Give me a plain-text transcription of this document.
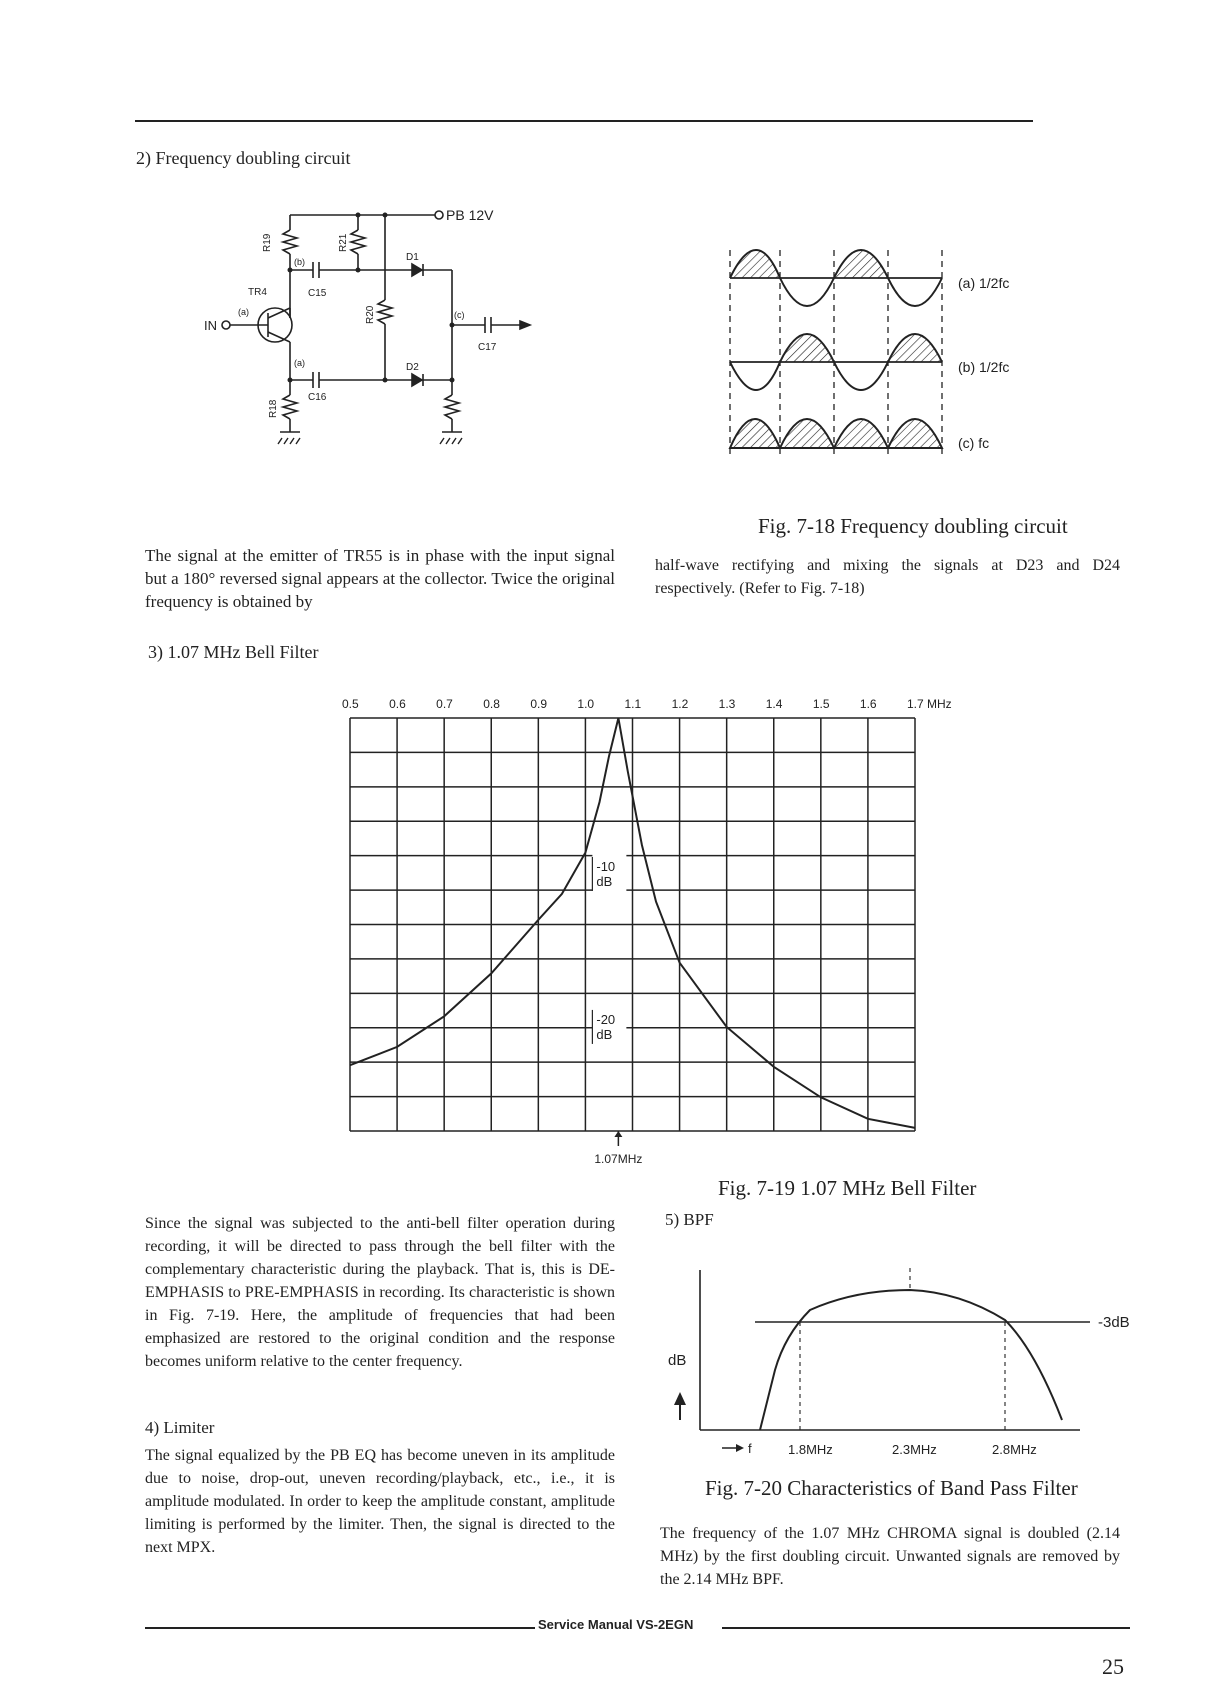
2) Frequency doubling circuit
PB 12V
IN
TR4
R19	R21
R20
R18
C15
C16
C17
D1
D2
(b)
(c)
(a)
(a)
(a) 1/2fc
(b) 1/2fc
(c) fc
Fig. 7-18 Frequency doubling circuit
The signal at the emitter of TR55 is in phase with the input signal but a 180° reversed signal appears at the collector. Twice the original frequency is obtained by
half-wave rectifying and mixing the signals at D23 and D24 respectively. (Refer to Fig. 7-18)
3) 1.07 MHz Bell Filter
0.5	0.6	0.7	0.8	0.9	1.0	1.1	1.2	1.3	1.4	1.5	1.6	1.7 MHz
-10
dB
-20
dB
1.07MHz
Fig. 7-19 1.07 MHz Bell Filter
Since the signal was subjected to the anti-bell filter operation during recording, it will be directed to pass through the bell filter with the complementary characteristic during the playback. That is, this is DE-EMPHASIS to PRE-EMPHASIS in recording. Its characteristic is shown in Fig. 7-19. Here, the amplitude of frequencies that had been emphasized are restored to the original condition and the response becomes uniform relative to the center frequency.
4) Limiter
The signal equalized by the PB EQ has become uneven in its amplitude due to noise, drop-out, uneven recording/playback, etc., i.e., it is amplitude modulated. In order to keep the amplitude constant, amplitude limiting is performed by the limiter. Then, the signal is directed to the next MPX.
5) BPF
dB
-3dB
f	1.8MHz	2.3MHz	2.8MHz
Fig. 7-20 Characteristics of Band Pass Filter
The frequency of the 1.07 MHz CHROMA signal is doubled (2.14 MHz) by the first doubling circuit. Unwanted signals are removed by the 2.14 MHz BPF.
Service Manual VS-2EGN
25
